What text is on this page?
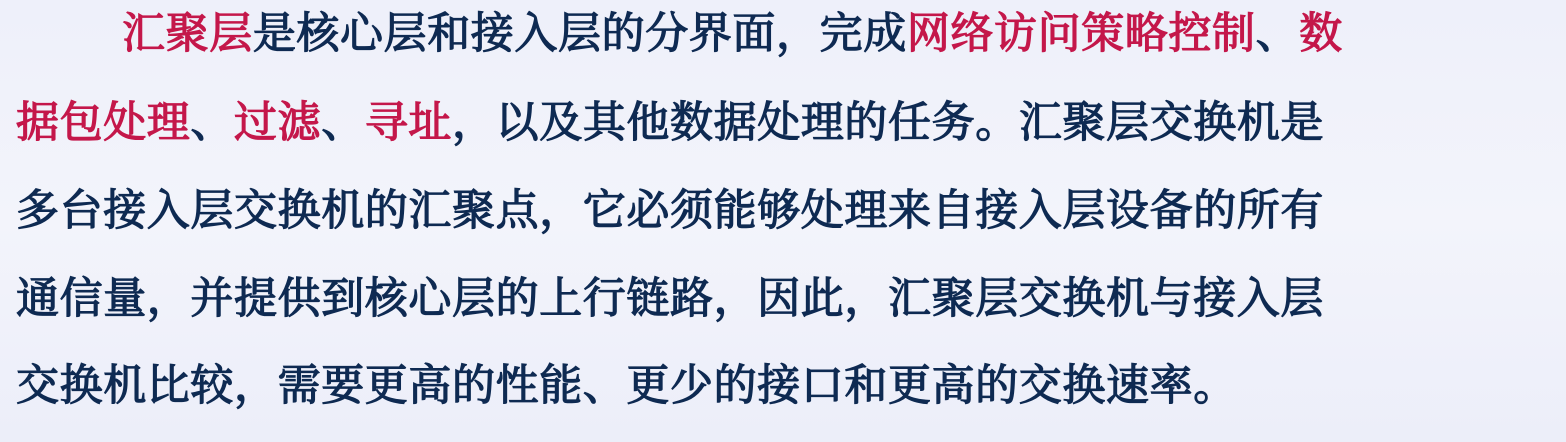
汇聚层是核心层和接入层的分界面，完成网络访问策略控制、数
据包处理、过滤、寻址，以及其他数据处理的任务。汇聚层交换机是
多台接入层交换机的汇聚点，它必须能够处理来自接入层设备的所有
通信量，并提供到核心层的上行链路，因此，汇聚层交换机与接入层
交换机比较，需要更高的性能、更少的接口和更高的交换速率。
